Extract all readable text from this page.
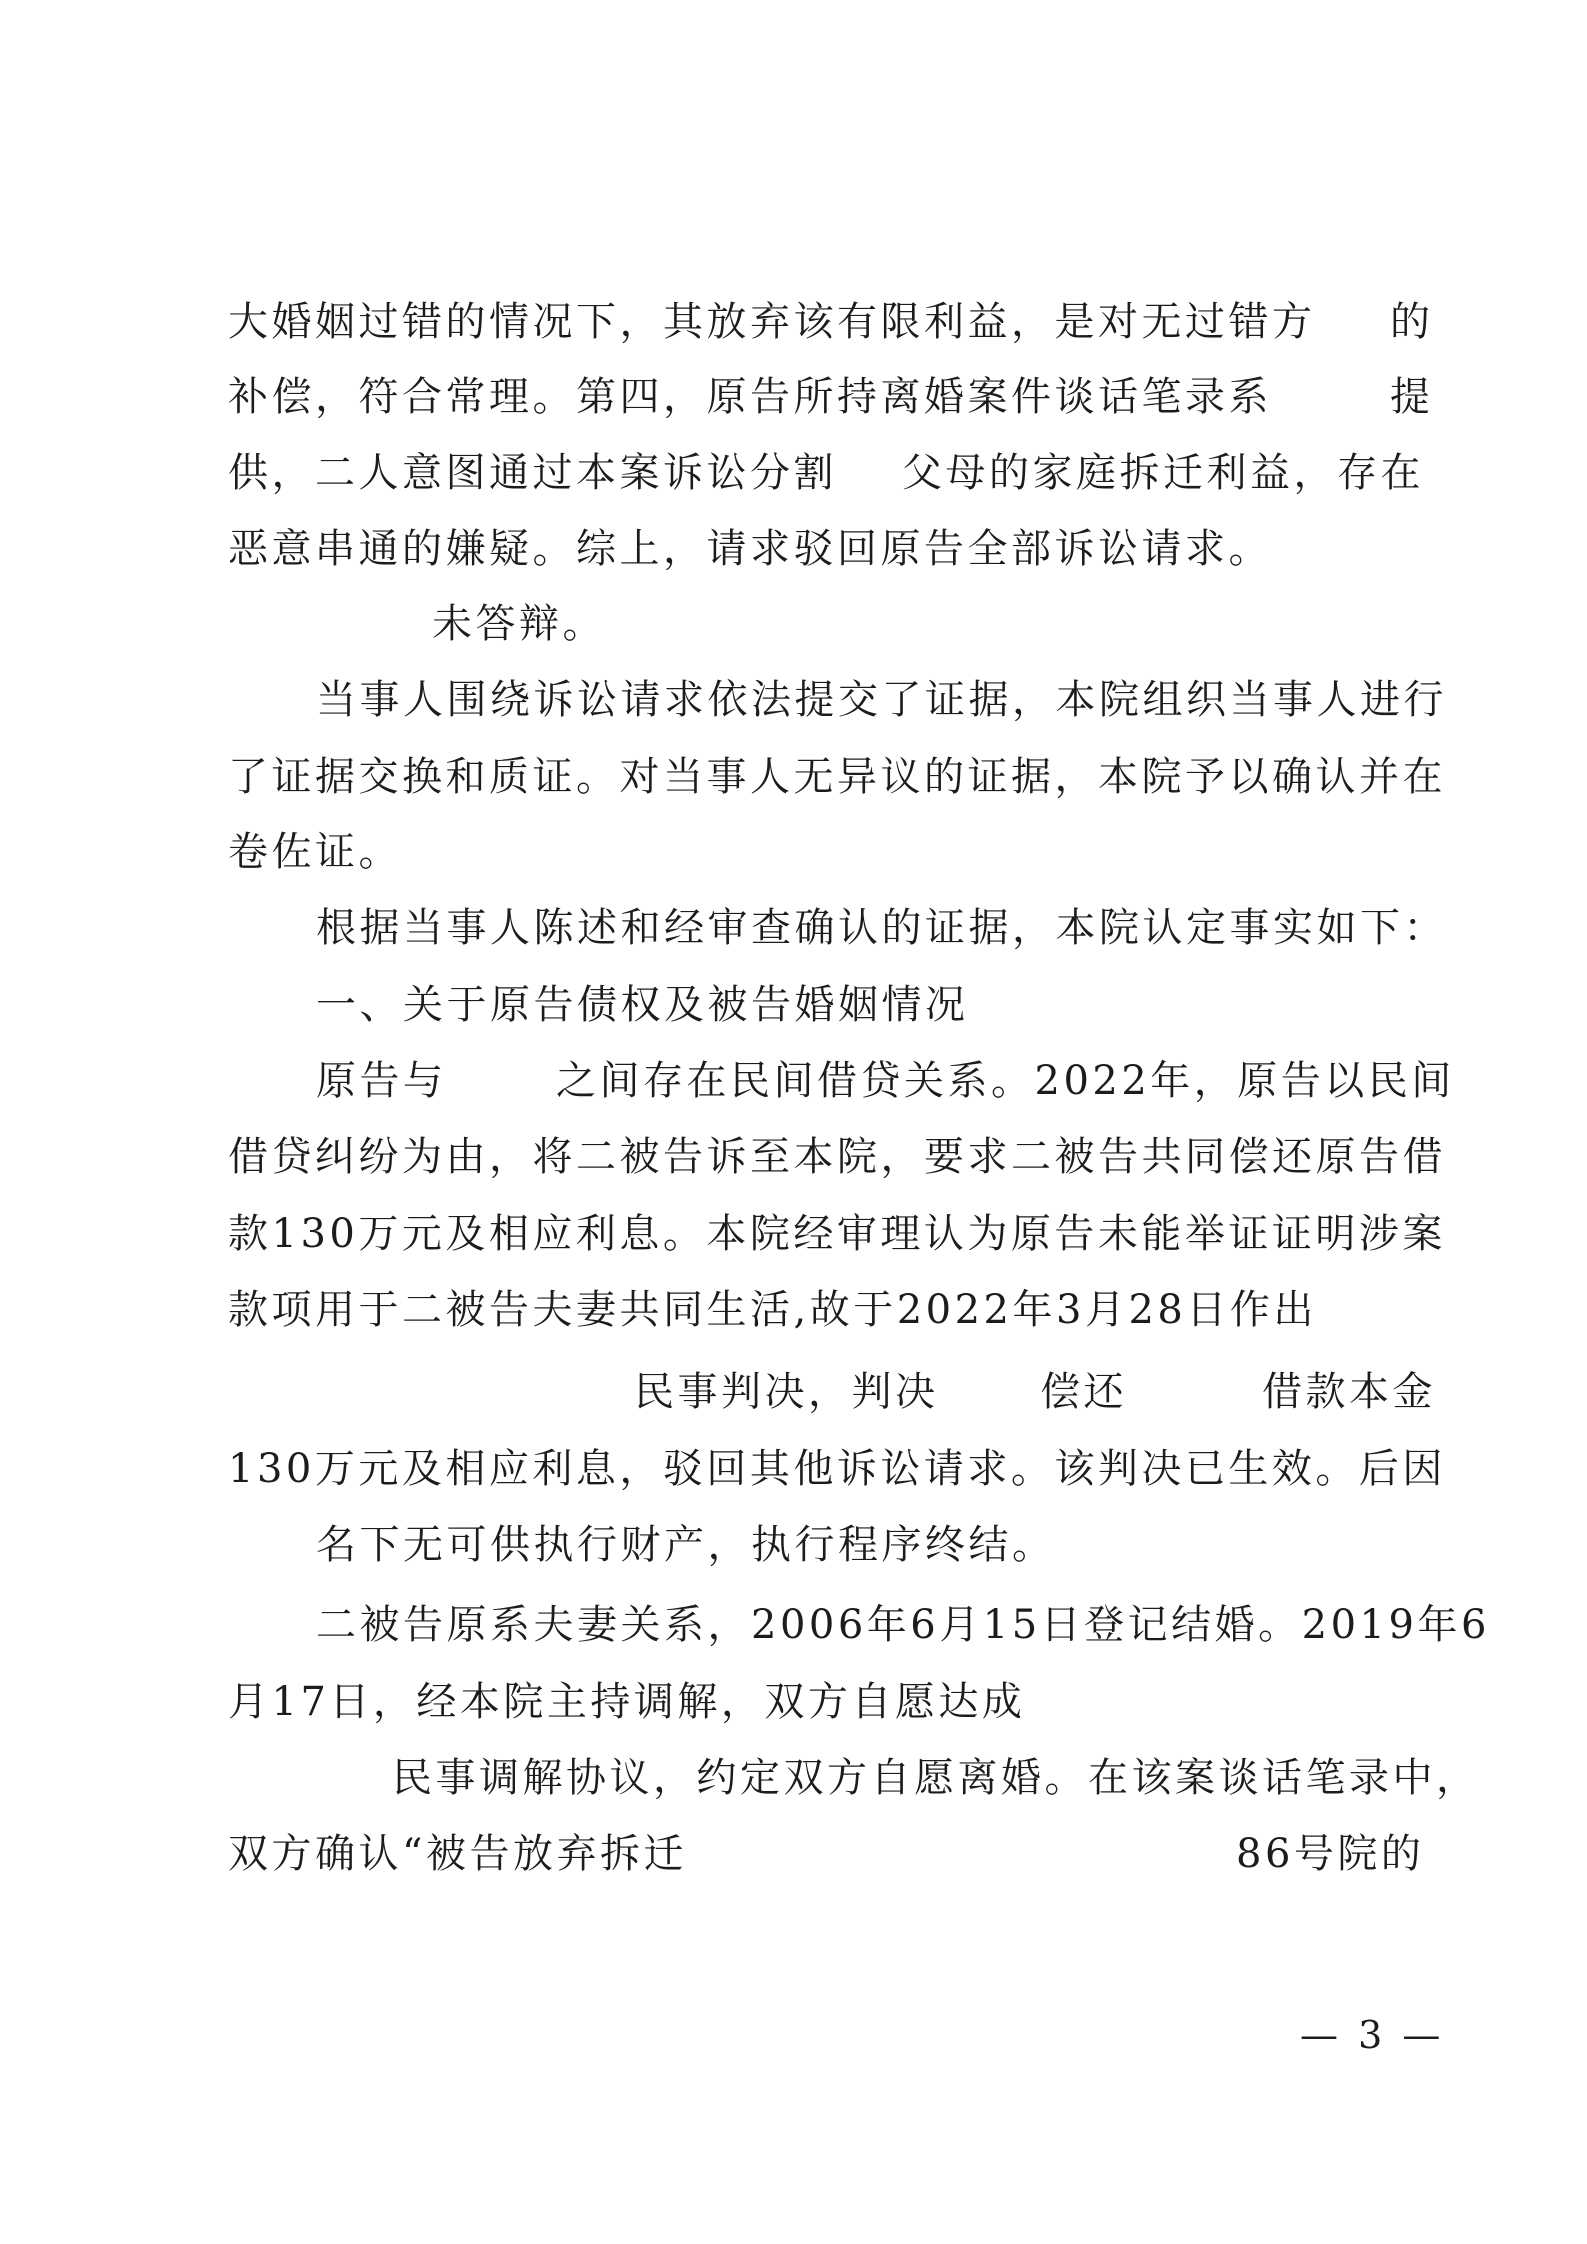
大婚姻过错的情况下，其放弃该有限利益，是对无过错方 的
补偿，符合常理。第四，原告所持离婚案件谈话笔录系	提
供，二人意图通过本案诉讼分割 父母的家庭拆迁利益，存在
恶意串通的嫌疑。综上，请求驳回原告全部诉讼请求。
未答辩。
当事人围绕诉讼请求依法提交了证据，本院组织当事人进行
了证据交换和质证。对当事人无异议的证据，本院予以确认并在
卷佐证。
根据当事人陈述和经审查确认的证据，本院认定事实如下：
一、关于原告债权及被告婚姻情况
原告与	之间存在民间借贷关系。2022年，原告以民间
借贷纠纷为由，将二被告诉至本院，要求二被告共同偿还原告借
款130万元及相应利息。本院经审理认为原告未能举证证明涉案
款项用于二被告夫妻共同生活,故于2022年3月28日作出
民事判决，判决	偿还	借款本金
130万元及相应利息，驳回其他诉讼请求。该判决已生效。后因
名下无可供执行财产，执行程序终结。
二被告原系夫妻关系，2006年6月15日登记结婚。2019年6
月17日，经本院主持调解，双方自愿达成
民事调解协议，约定双方自愿离婚。在该案谈话笔录中，
双方确认“被告放弃拆迁	86号院的
— 3 —
